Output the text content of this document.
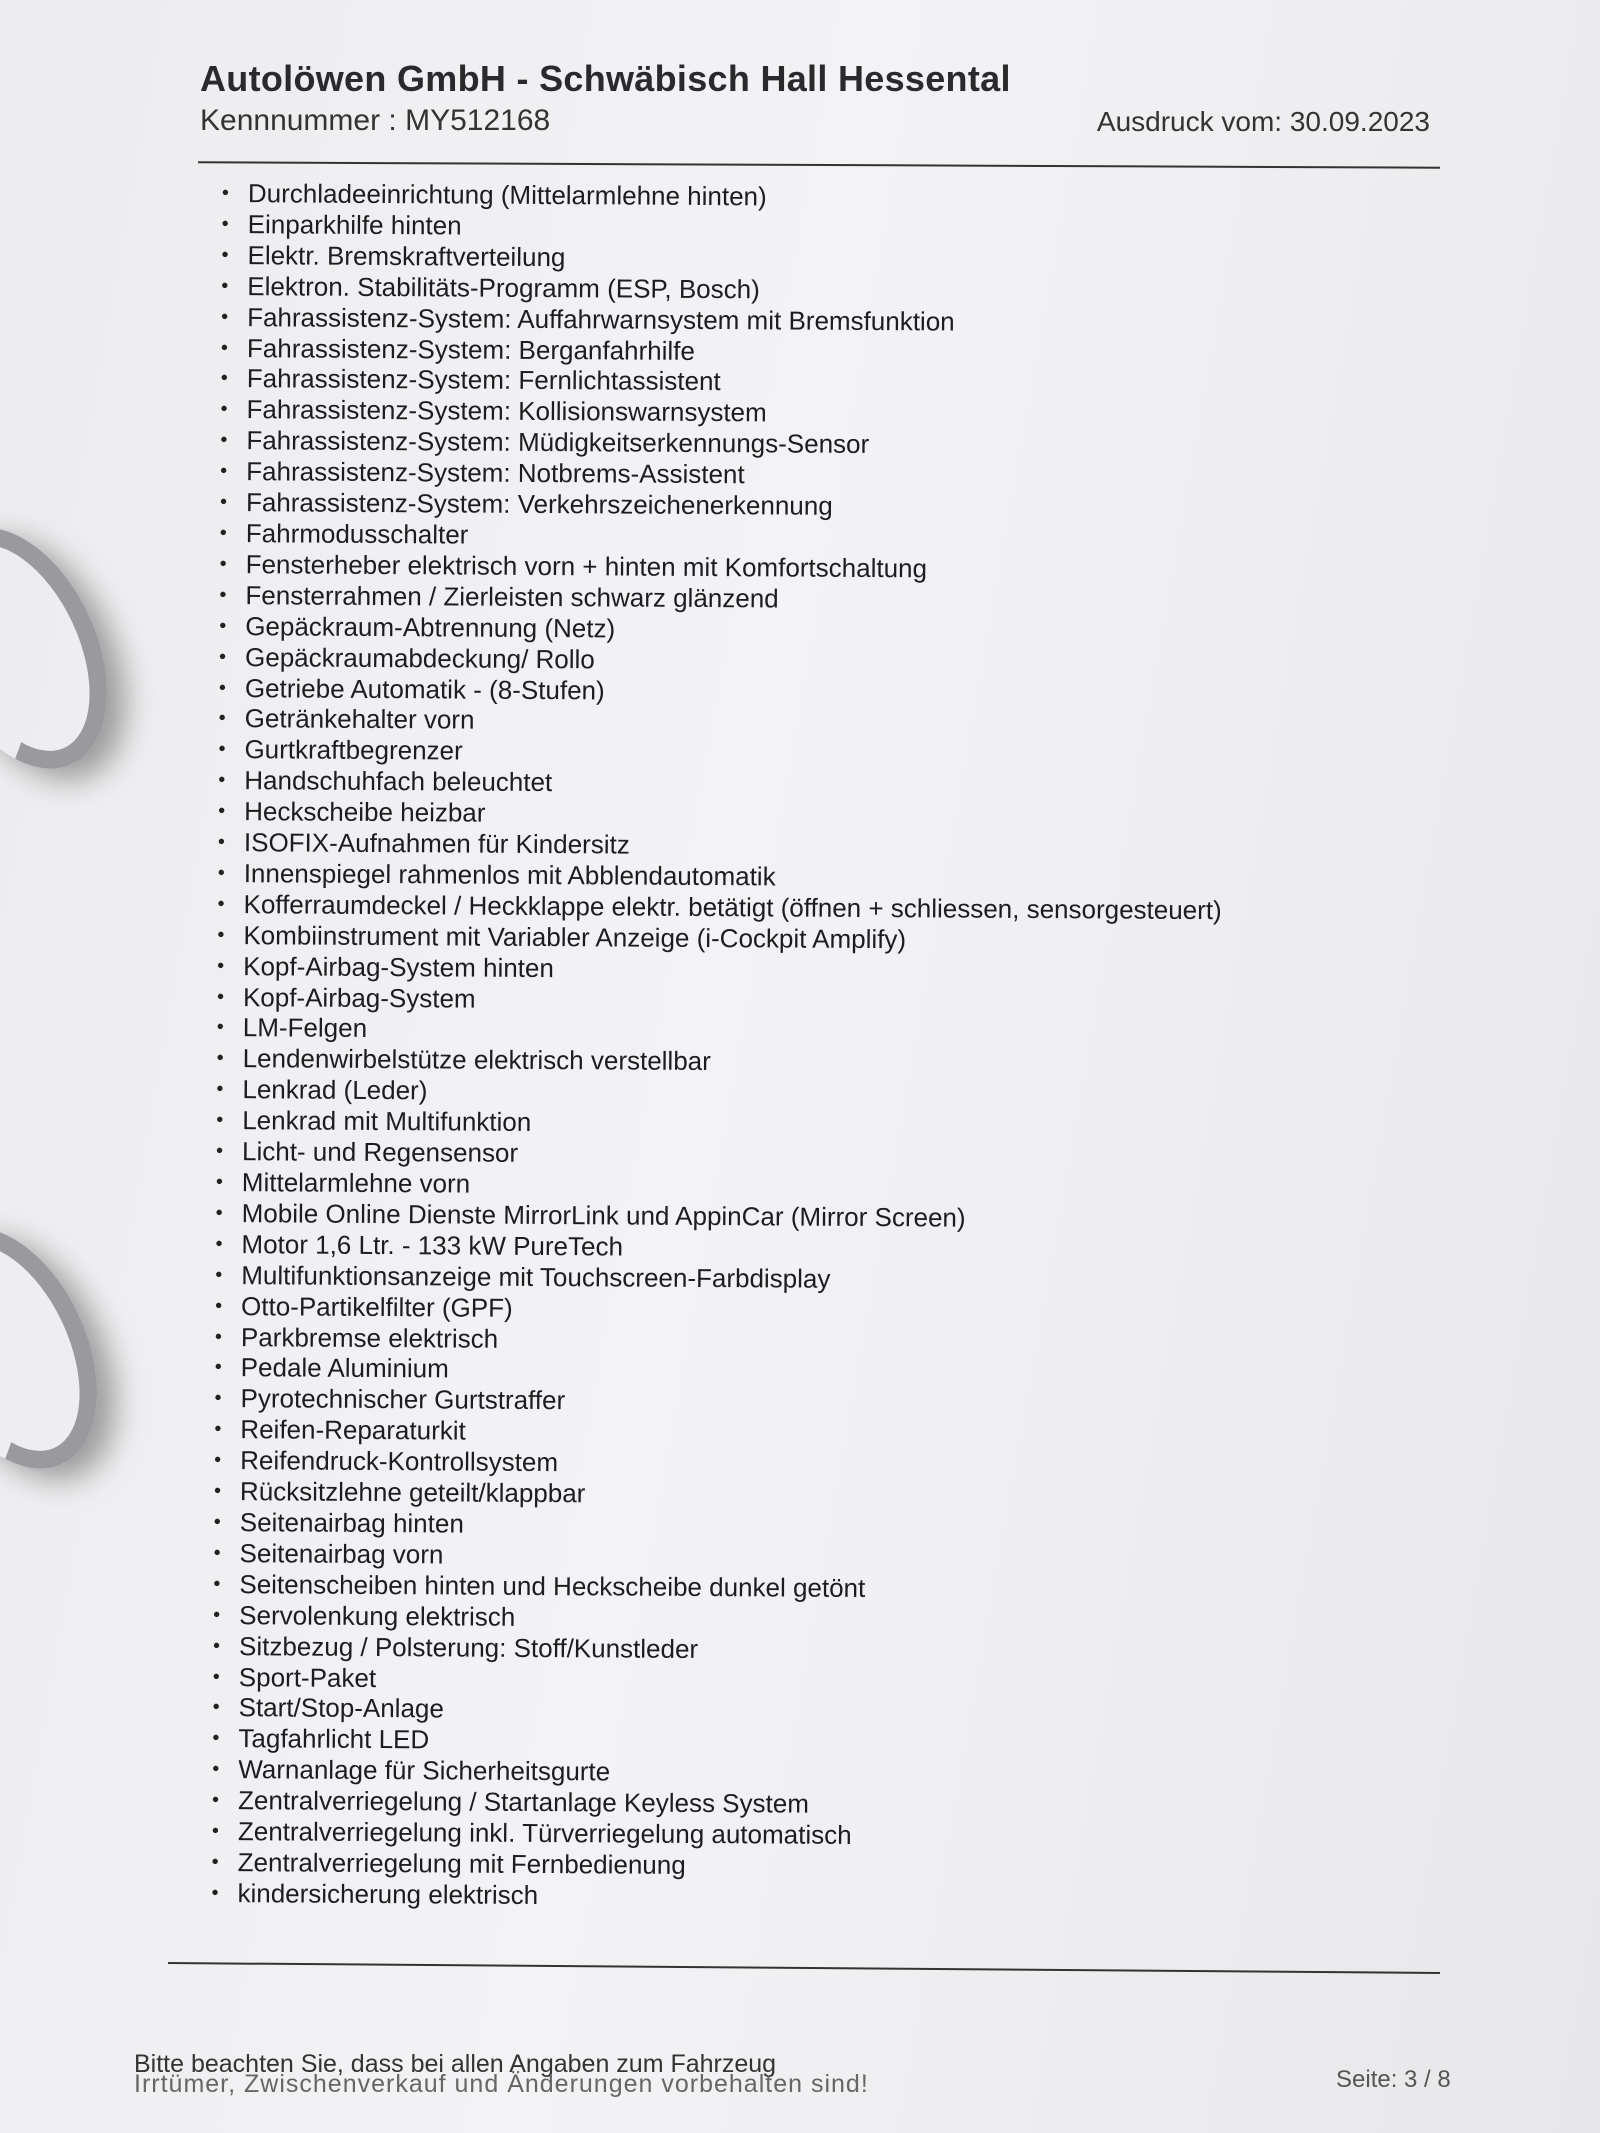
Autolöwen GmbH - Schwäbisch Hall Hessental
Kennnummer : MY512168	Ausdruck vom: 30.09.2023
• Durchladeeinrichtung (Mittelarmlehne hinten)
• Einparkhilfe hinten
• Elektr. Bremskraftverteilung
• Elektron. Stabilitäts-Programm (ESP, Bosch)
• Fahrassistenz-System: Auffahrwarnsystem mit Bremsfunktion
• Fahrassistenz-System: Berganfahrhilfe
• Fahrassistenz-System: Fernlichtassistent
• Fahrassistenz-System: Kollisionswarnsystem
• Fahrassistenz-System: Müdigkeitserkennungs-Sensor
• Fahrassistenz-System: Notbrems-Assistent
• Fahrassistenz-System: Verkehrszeichenerkennung
• Fahrmodusschalter
• Fensterheber elektrisch vorn + hinten mit Komfortschaltung
• Fensterrahmen / Zierleisten schwarz glänzend
• Gepäckraum-Abtrennung (Netz)
• Gepäckraumabdeckung/ Rollo
• Getriebe Automatik - (8-Stufen)
• Getränkehalter vorn
• Gurtkraftbegrenzer
• Handschuhfach beleuchtet
• Heckscheibe heizbar
• ISOFIX-Aufnahmen für Kindersitz
• Innenspiegel rahmenlos mit Abblendautomatik
• Kofferraumdeckel / Heckklappe elektr. betätigt (öffnen + schliessen, sensorgesteuert)
• Kombiinstrument mit Variabler Anzeige (i-Cockpit Amplify)
• Kopf-Airbag-System hinten
• Kopf-Airbag-System
• LM-Felgen
• Lendenwirbelstütze elektrisch verstellbar
• Lenkrad (Leder)
• Lenkrad mit Multifunktion
• Licht- und Regensensor
• Mittelarmlehne vorn
• Mobile Online Dienste MirrorLink und AppinCar (Mirror Screen)
• Motor 1,6 Ltr. - 133 kW PureTech
• Multifunktionsanzeige mit Touchscreen-Farbdisplay
• Otto-Partikelfilter (GPF)
• Parkbremse elektrisch
• Pedale Aluminium
• Pyrotechnischer Gurtstraffer
• Reifen-Reparaturkit
• Reifendruck-Kontrollsystem
• Rücksitzlehne geteilt/klappbar
• Seitenairbag hinten
• Seitenairbag vorn
• Seitenscheiben hinten und Heckscheibe dunkel getönt
• Servolenkung elektrisch
• Sitzbezug / Polsterung: Stoff/Kunstleder
• Sport-Paket
• Start/Stop-Anlage
• Tagfahrlicht LED
• Warnanlage für Sicherheitsgurte
• Zentralverriegelung / Startanlage Keyless System
• Zentralverriegelung inkl. Türverriegelung automatisch
• Zentralverriegelung mit Fernbedienung
• kindersicherung elektrisch
Bitte beachten Sie, dass bei allen Angaben zum Fahrzeug
Irrtümer, Zwischenverkauf und Änderungen vorbehalten sind!	Seite: 3 / 8
